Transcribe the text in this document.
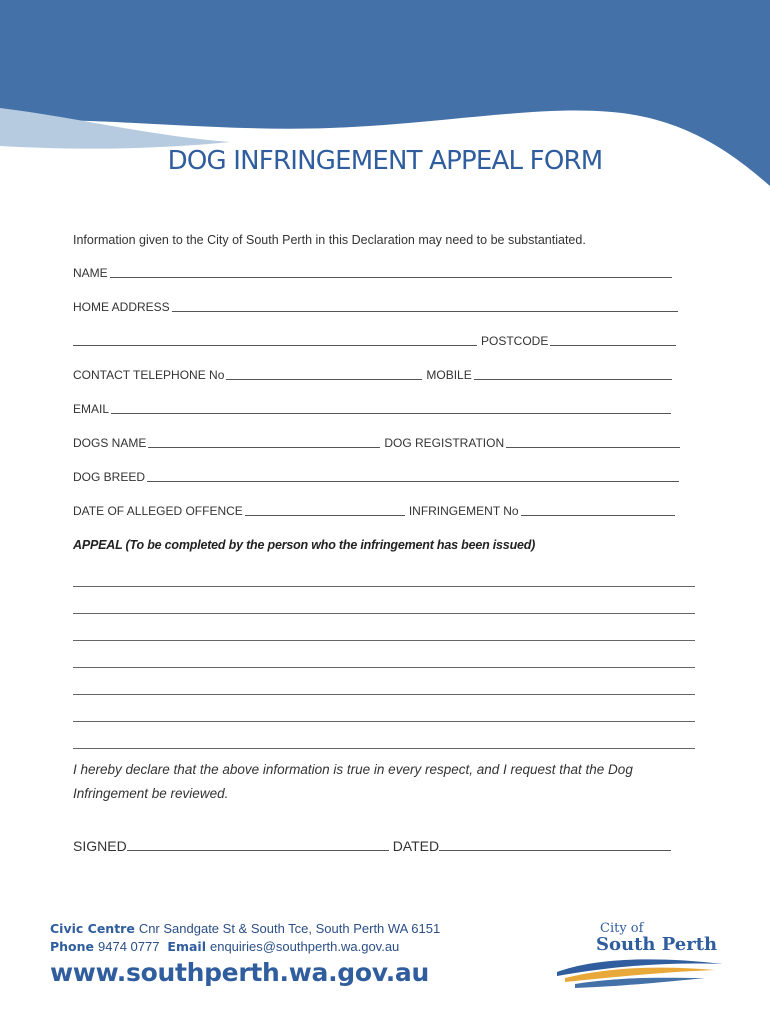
DOG INFRINGEMENT APPEAL FORM
Information given to the City of South Perth in this Declaration may need to be substantiated.
NAME
HOME ADDRESS
POSTCODE
CONTACT TELEPHONE No	MOBILE
EMAIL
DOGS NAME	DOG REGISTRATION
DOG BREED
DATE OF ALLEGED OFFENCE	INFRINGEMENT No
APPEAL (To be completed by the person who the infringement has been issued)
I hereby declare that the above information is true in every respect, and I request that the Dog Infringement be reviewed.
SIGNED	DATED
Civic Centre Cnr Sandgate St & South Tce, South Perth WA 6151
Phone 9474 0777 Email enquiries@southperth.wa.gov.au
www.southperth.wa.gov.au
City of
South Perth
